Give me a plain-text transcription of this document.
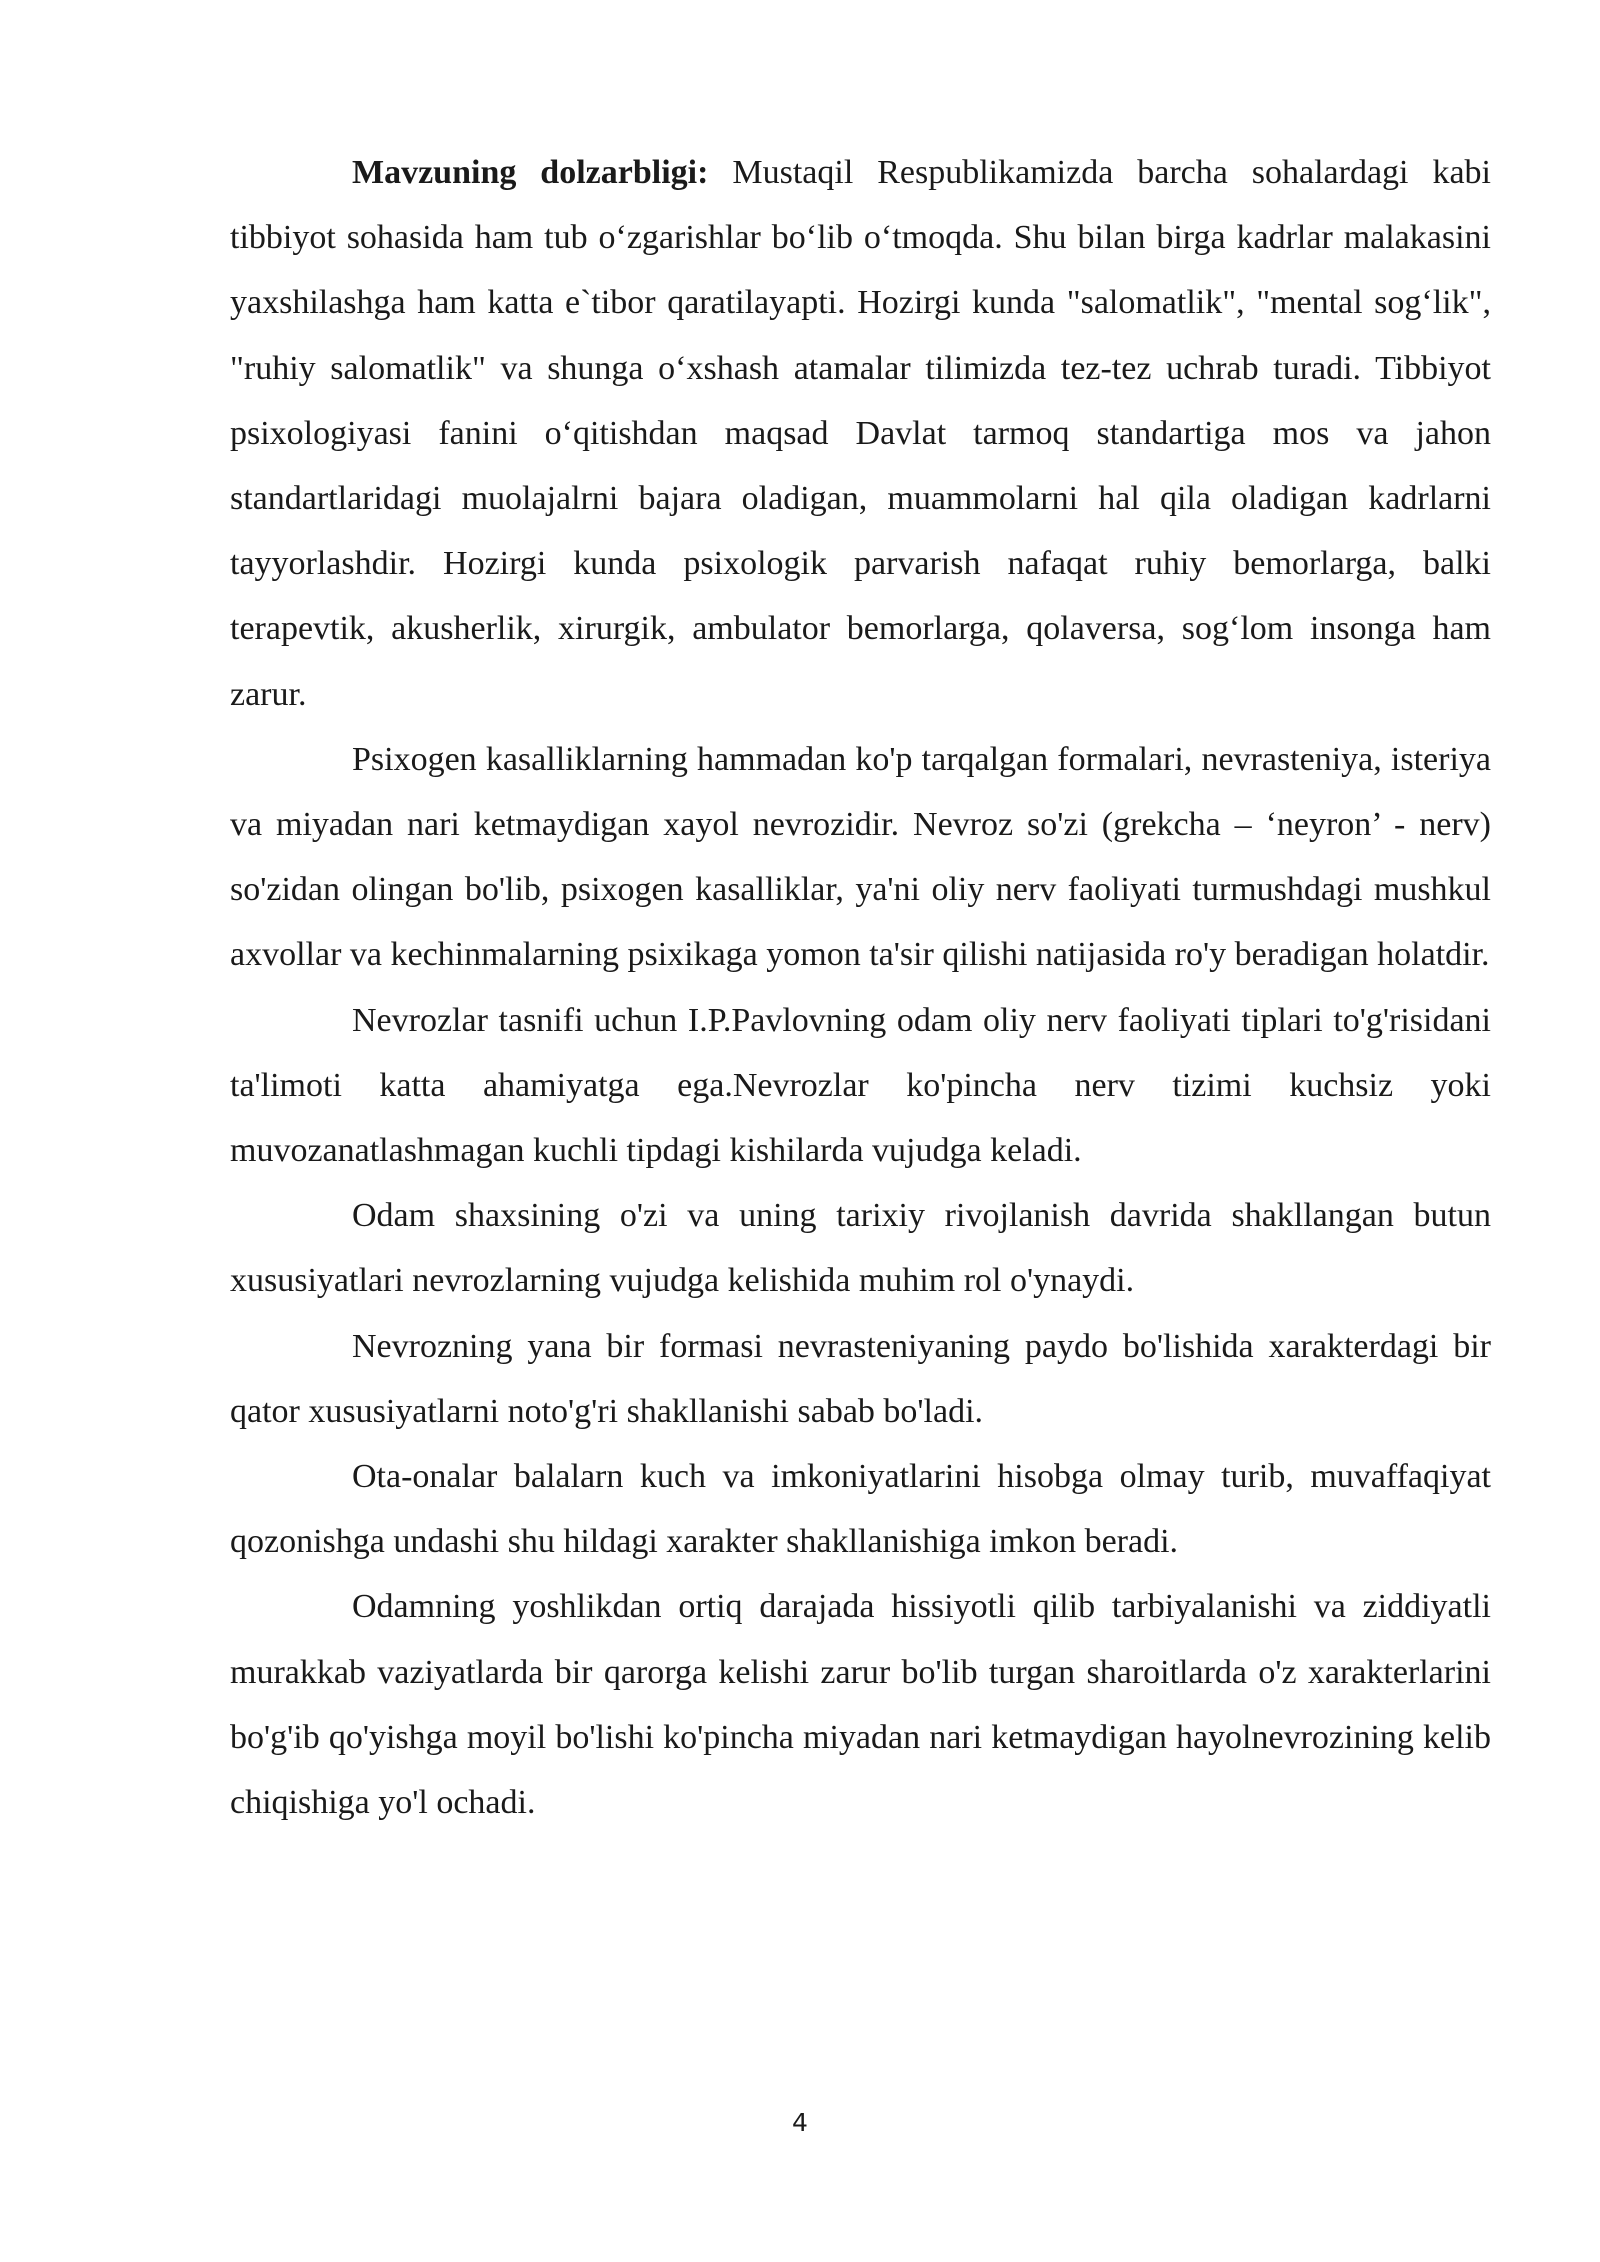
Mavzuning dolzarbligi: Mustaqil Respublikamizda barcha sohalardagi kabi tibbiyot sohasida ham tub o‘zgarishlar bo‘lib o‘tmoqda. Shu bilan birga kadrlar malakasini yaxshilashga ham katta e`tibor qaratilayapti. Hozirgi kunda "salomatlik", "mental sog‘lik", "ruhiy salomatlik" va shunga o‘xshash atamalar tilimizda tez-tez uchrab turadi. Tibbiyot psixologiyasi fanini o‘qitishdan maqsad Davlat tarmoq standartiga mos va jahon standartlaridagi muolajalrni bajara oladigan, muammolarni hal qila oladigan kadrlarni tayyorlashdir. Hozirgi kunda psixologik parvarish nafaqat ruhiy bemorlarga, balki terapevtik, akusherlik, xirurgik, ambulator bemorlarga, qolaversa, sog‘lom insonga ham zarur.

Psixogen kasalliklarning hammadan ko'p tarqalgan formalari, nevrasteniya, isteriya va miyadan nari ketmaydigan xayol nevrozidir. Nevroz so'zi (grekcha – ‘neyron’ - nerv) so'zidan olingan bo'lib, psixogen kasalliklar, ya'ni oliy nerv faoliyati turmushdagi mushkul axvollar va kechinmalarning psixikaga yomon ta'sir qilishi natijasida ro'y beradigan holatdir.

Nevrozlar tasnifi uchun I.P.Pavlovning odam oliy nerv faoliyati tiplari to'g'risidani ta'limoti katta ahamiyatga ega.Nevrozlar ko'pincha nerv tizimi kuchsiz yoki muvozanatlashmagan kuchli tipdagi kishilarda vujudga keladi.

Odam shaxsining o'zi va uning tarixiy rivojlanish davrida shakllangan butun xususiyatlari nevrozlarning vujudga kelishida muhim rol o'ynaydi.

Nevrozning yana bir formasi nevrasteniyaning paydo bo'lishida xarakterdagi bir qator xususiyatlarni noto'g'ri shakllanishi sabab bo'ladi.

Ota-onalar balalarn kuch va imkoniyatlarini hisobga olmay turib, muvaffaqiyat qozonishga undashi shu hildagi xarakter shakllanishiga imkon beradi.

Odamning yoshlikdan ortiq darajada hissiyotli qilib tarbiyalanishi va ziddiyatli murakkab vaziyatlarda bir qarorga kelishi zarur bo'lib turgan sharoitlarda o'z xarakterlarini bo'g'ib qo'yishga moyil bo'lishi ko'pincha miyadan nari ketmaydigan hayolnevrozining kelib chiqishiga yo'l ochadi.

4
